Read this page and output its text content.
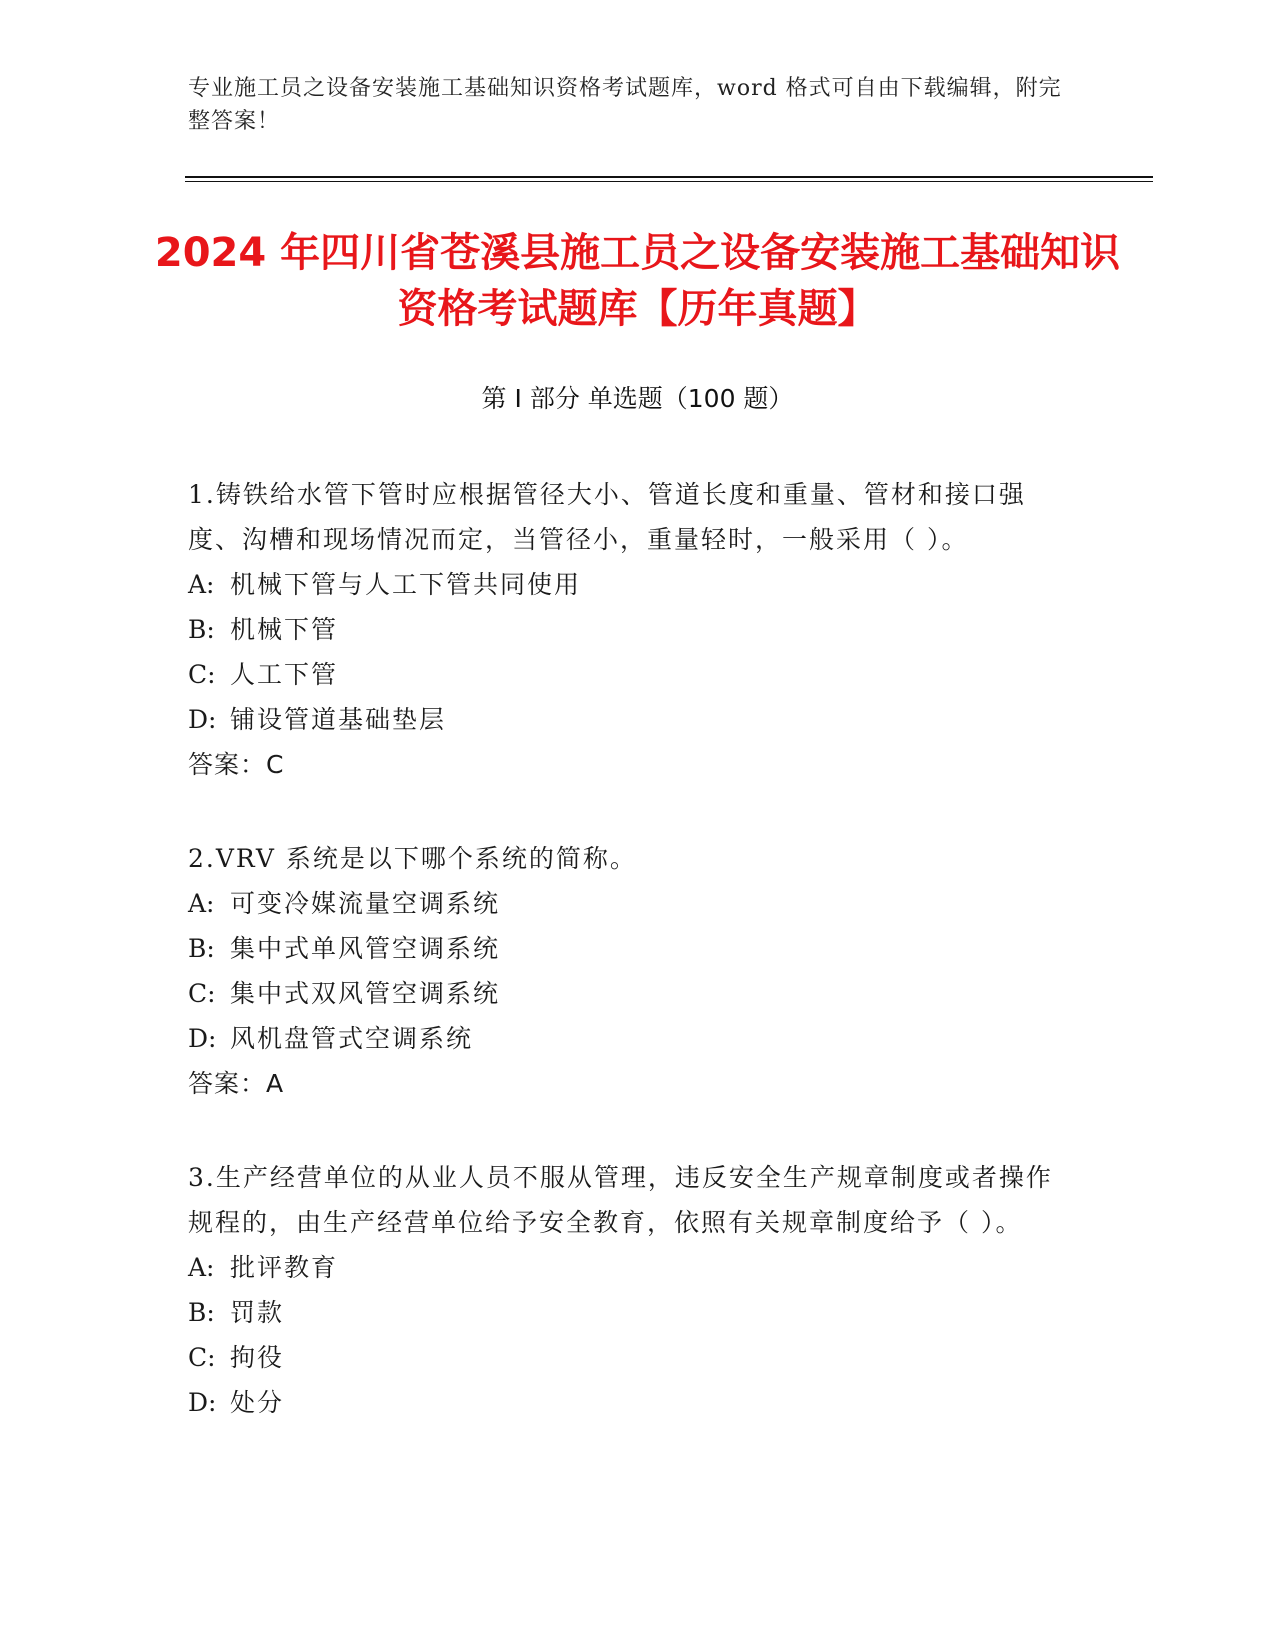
专业施工员之设备安装施工基础知识资格考试题库，word 格式可自由下载编辑，附完整答案！
2024 年四川省苍溪县施工员之设备安装施工基础知识资格考试题库【历年真题】
第 I 部分 单选题（100 题）

1.铸铁给水管下管时应根据管径大小、管道长度和重量、管材和接口强度、沟槽和现场情况而定，当管径小，重量轻时，一般采用（ ）。

A: 机械下管与人工下管共同使用

B: 机械下管

C: 人工下管

D: 铺设管道基础垫层

答案：C

2.VRV 系统是以下哪个系统的简称。

A: 可变冷媒流量空调系统

B: 集中式单风管空调系统

C: 集中式双风管空调系统

D: 风机盘管式空调系统

答案：A

3.生产经营单位的从业人员不服从管理，违反安全生产规章制度或者操作规程的，由生产经营单位给予安全教育，依照有关规章制度给予（ ）。

A: 批评教育

B: 罚款

C: 拘役

D: 处分
